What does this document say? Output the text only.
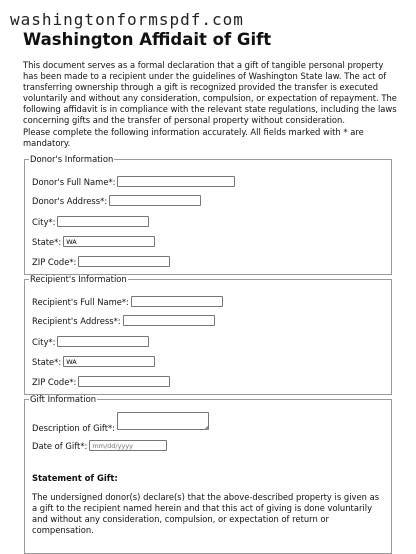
washingtonformspdf.com
Washington Affidait of Gift

This document serves as a formal declaration that a gift of tangible personal property has been made to a recipient under the guidelines of Washington State law. The act of transferring ownership through a gift is recognized provided the transfer is executed voluntarily and without any consideration, compulsion, or expectation of repayment. The following affidavit is in compliance with the relevant state regulations, including the laws concerning gifts and the transfer of personal property without consideration.

Please complete the following information accurately. All fields marked with * are mandatory.

Donor's Information
Donor's Full Name*:
Donor's Address*:
City*:
State*:
WA
ZIP Code*:
Recipient's Information
Recipient's Full Name*:
Recipient's Address*:
City*:
State*:
WA
ZIP Code*:
Gift Information
Description of Gift*:	◢
Date of Gift*:
mm/dd/yyyy
Statement of Gift:

The undersigned donor(s) declare(s) that the above-described property is given as a gift to the recipient named herein and that this act of giving is done voluntarily and without any consideration, compulsion, or expectation of return or compensation.
